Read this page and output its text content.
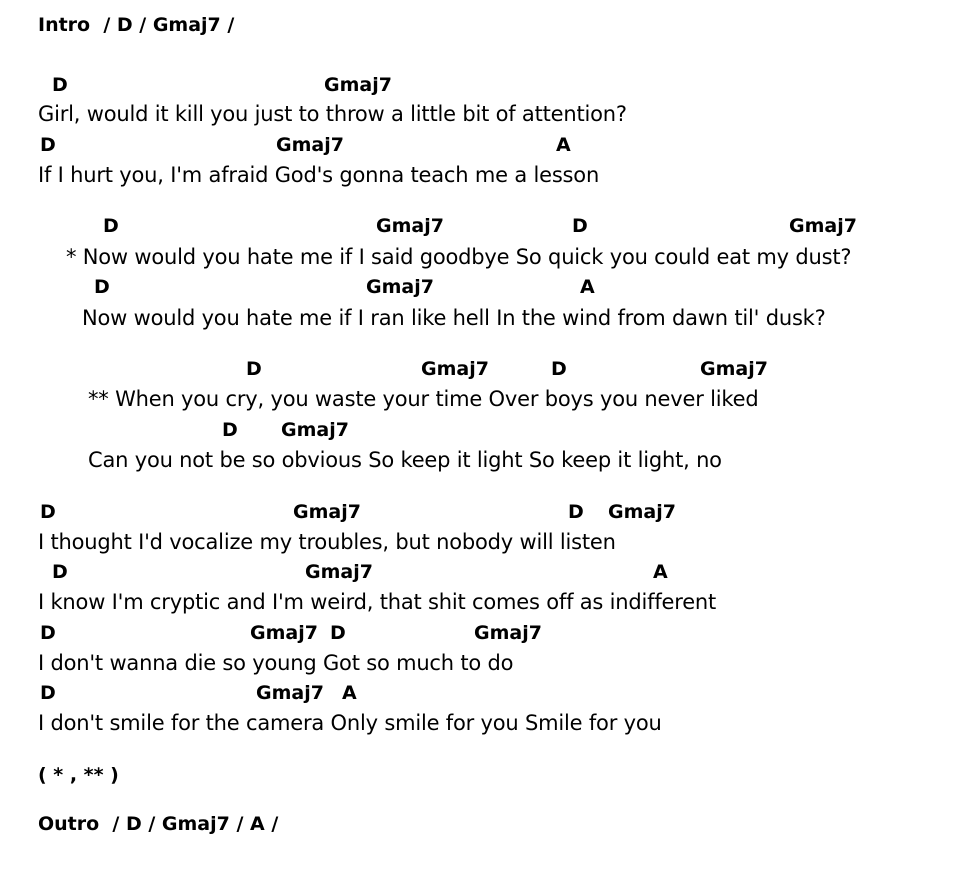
Intro  / D / Gmaj7 /

D

	Gmaj7

Girl, would it kill you just to throw a little bit of attention?

D

	Gmaj7

	A

If I hurt you, I'm afraid God's gonna teach me a lesson

D

	Gmaj7

	D

	Gmaj7

* Now would you hate me if I said goodbye So quick you could eat my dust?

D

	Gmaj7

	A

Now would you hate me if I ran like hell In the wind from dawn til' dusk?

D

	Gmaj7

	D

	Gmaj7

** When you cry, you waste your time Over boys you never liked

D

Gmaj7

Can you not be so obvious So keep it light So keep it light, no

D

	Gmaj7

	D

Gmaj7

I thought I'd vocalize my troubles, but nobody will listen

D

	Gmaj7

	A

I know I'm cryptic and I'm weird, that shit comes off as indifferent

D

	Gmaj7

D

	Gmaj7

I don't wanna die so young Got so much to do

D

	Gmaj7

A

I don't smile for the camera Only smile for you Smile for you
( * , ** )
Outro  / D / Gmaj7 / A /
